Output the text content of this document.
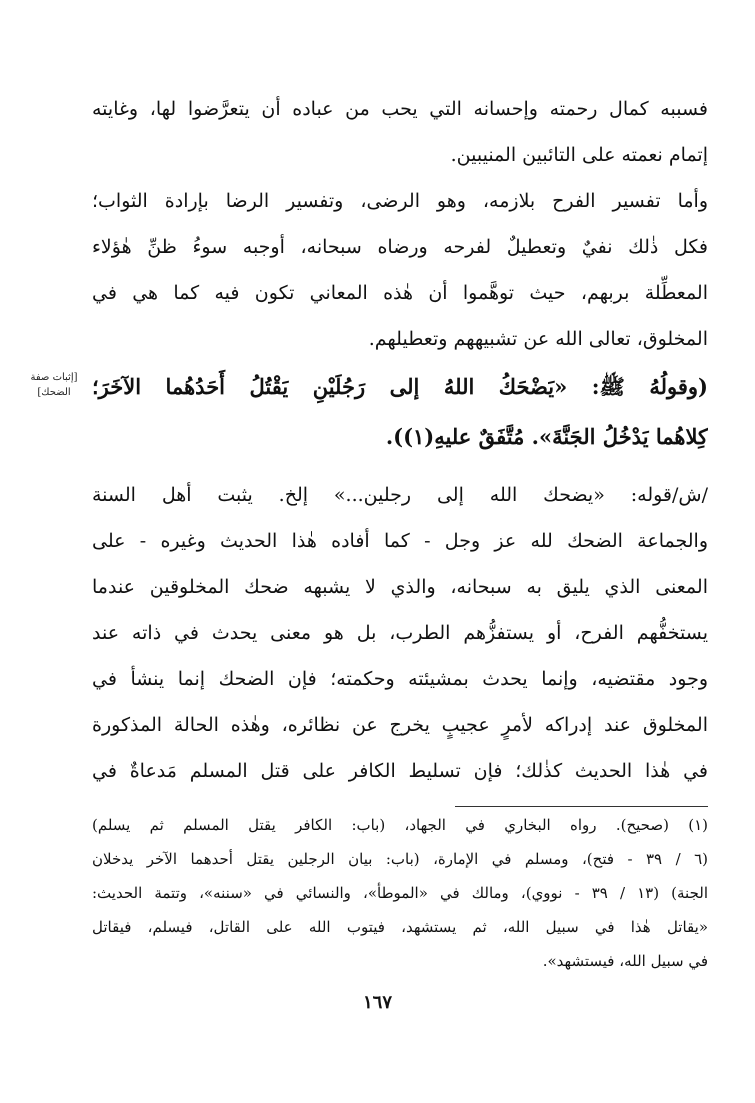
فسببه كمال رحمته وإحسانه التي يحب من عباده أن يتعرَّضوا لها، وغايته
إتمام نعمته على التائبين المنيبين.
وأما تفسير الفرح بلازمه، وهو الرضى، وتفسير الرضا بإرادة الثواب؛
فكل ذٰلك نفيٌ وتعطيلٌ لفرحه ورضاه سبحانه، أوجبه سوءُ ظنِّ هٰؤلاء
المعطِّلة بربهم، حيث توهَّموا أن هٰذه المعاني تكون فيه كما هي في
المخلوق، تعالى الله عن تشبيههم وتعطيلهم.
(وقولُهُ ﷺ: «يَضْحَكُ اللهُ إلى رَجُلَيْنِ يَقْتُلُ أَحَدُهُما الآخَرَ؛
كِلاهُما يَدْخُلُ الجَنَّةَ». مُتَّفَقٌ عليهِ(١)).
[إثبات صفة الضحك]
/ش/قوله: «يضحك الله إلى رجلين...» إلخ. يثبت أهل السنة
والجماعة الضحك لله عز وجل - كما أفاده هٰذا الحديث وغيره - على
المعنى الذي يليق به سبحانه، والذي لا يشبهه ضحك المخلوقين عندما
يستخفُّهم الفرح، أو يستفزُّهم الطرب، بل هو معنى يحدث في ذاته عند
وجود مقتضيه، وإنما يحدث بمشيئته وحكمته؛ فإن الضحك إنما ينشأ في
المخلوق عند إدراكه لأمرٍ عجيبٍ يخرج عن نظائره، وهٰذه الحالة المذكورة
في هٰذا الحديث كذٰلك؛ فإن تسليط الكافر على قتل المسلم مَدعاةٌ في
(١) (صحيح). رواه البخاري في الجهاد، (باب: الكافر يقتل المسلم ثم يسلم)
(٦ / ٣٩ - فتح)، ومسلم في الإمارة، (باب: بيان الرجلين يقتل أحدهما الآخر يدخلان
الجنة) (١٣ / ٣٩ - نووي)، ومالك في «الموطأ»، والنسائي في «سننه»، وتتمة الحديث:
«يقاتل هٰذا في سبيل الله، ثم يستشهد، فيتوب الله على القاتل، فيسلم، فيقاتل
في سبيل الله، فيستشهد».
١٦٧
